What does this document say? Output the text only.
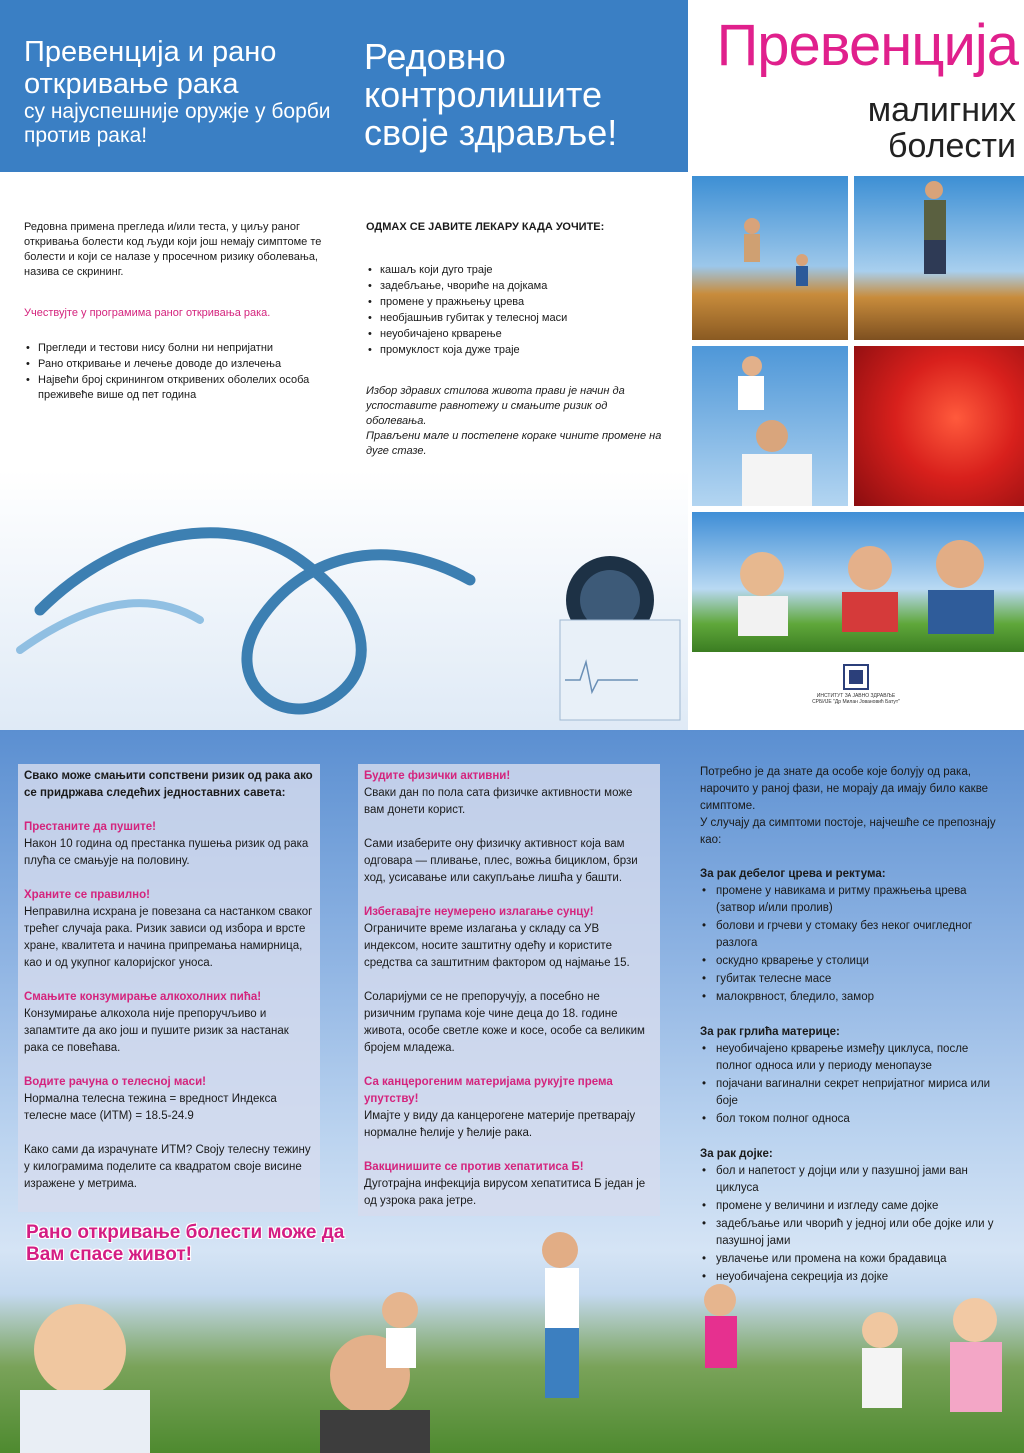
Превенција и рано откривање рака
су најуспешније оружје у борби против рака!
Редовно контролишите своје здравље!
Превенција
малигних болести

Редовна примена прегледа и/или теста, у циљу раног откривања болести код људи који још немају симптоме те болести и који се налазе у просечном ризику оболевања, назива се скрининг.

Учествујте у програмима раног откривања рака.

• Прегледи и тестови нису болни ни непријатни
• Рано откривање и лечење доводе до излечења
• Највећи број скринингом откривених оболелих особа преживеће више од пет година
ОДМАХ СЕ ЈАВИТЕ ЛЕКАРУ КАДА УОЧИТЕ:
• кашаљ који дуго траје
• задебљање, чвориће на дојкама
• промене у пражњењу црева
• необјашњив губитак у телесној маси
• неуобичајено крварење
• промуклост која дуже траје

Избор здравих стилова живота прави је начин да успоставите равнотежу и смањите ризик од оболевања.

Прављени мале и постепене кораке чините промене на дуге стазе.

ИНСТИТУТ ЗА ЈАВНО ЗДРАВЉЕ СРБИЈЕ "Др Милан Јовановић Батут"
Свако може смањити сопствени ризик од рака ако се придржава следећих једноставних савета:
Престаните да пушите!
Након 10 година од престанка пушења ризик од рака плућа се смањује на половину.
Храните се правилно!
Неправилна исхрана је повезана са настанком сваког трећег случаја рака. Ризик зависи од избора и врсте хране, квалитета и начина припремања намирница, као и од укупног калоријског уноса.
Смањите конзумирање алкохолних пића!
Конзумирање алкохола није препоручљиво и запамтите да ако још и пушите ризик за настанак рака се повећава.
Водите рачуна о телесној маси!
Нормална телесна тежина = вредност Индекса телесне масе (ИТМ) = 18.5-24.9
Како сами да израчунате ИТМ? Своју телесну тежину у килограмима поделите са квадратом своје висине изражене у метрима.
Будите физички активни!
Сваки дан по пола сата физичке активности може вам донети корист.
Сами изаберите ону физичку активност која вам одговара — пливање, плес, вожња бициклом, брзи ход, усисавање или сакупљање лишћа у башти.
Избегавајте неумерено излагање сунцу!
Ограничите време излагања у складу са УВ индексом, носите заштитну одећу и користите средства са заштитним фактором од најмање 15.
Соларијуми се не препоручују, а посебно не ризичним групама које чине деца до 18. године живота, особе светле коже и косе, особе са великим бројем младежа.
Са канцерогеним материјама рукујте према упутству!
Имајте у виду да канцерогене материје претварају нормалне ћелије у ћелије рака.
Вакцинишите се против хепатитиса Б!
Дуготрајна инфекција вирусом хепатитиса Б један је од узрока рака јетре.

Потребно је да знате да особе које болују од рака, нарочито у раној фази, не морају да имају било какве симптоме.

У случају да симптоми постоје, најчешће се препознају као:

За рак дебелог црева и ректума:

• промене у навикама и ритму пражњења црева (затвор и/или пролив)
• болови и грчеви у стомаку без неког очигледног разлога
• оскудно крварење у столици
• губитак телесне масе
• малокрвност, бледило, замор

За рак грлића материце:

• неуобичајено крварење између циклуса, после полног односа или у периоду менопаузе
• појачани вагинални секрет непријатног мириса или боје
• бол током полног односа

За рак дојке:

• бол и напетост у дојци или у пазушној јами ван циклуса
• промене у величини и изгледу саме дојке
• задебљање или чворић у једној или обе дојке или у пазушној јами
• увлачење или промена на кожи брадавица
• неуобичајена секреција из дојке
Рано откривање болести може да Вам спасе живот!
